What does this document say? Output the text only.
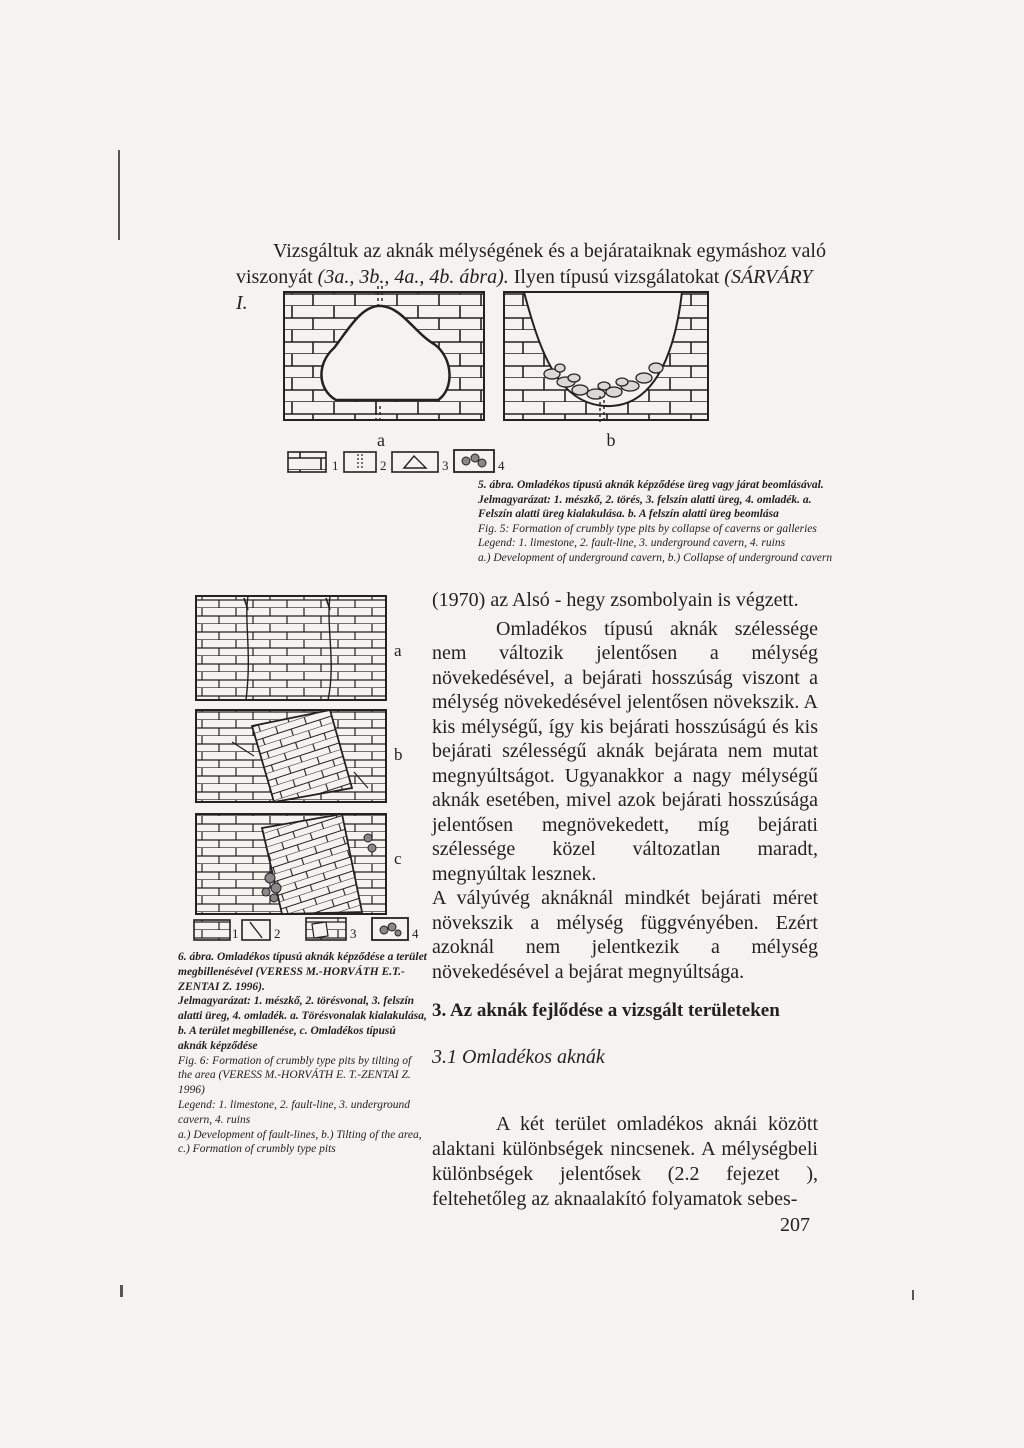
Vizsgáltuk az aknák mélységének és a bejárataiknak egymáshoz való
viszonyát (3a., 3b., 4a., 4b. ábra). Ilyen típusú vizsgálatokat (SÁRVÁRY I.
a	b
1	2	3	4
5. ábra. Omladékos típusú aknák képződése üreg vagy járat beomlásával.
Jelmagyarázat: 1. mészkő, 2. törés, 3. felszín alatti üreg, 4. omladék. a. Felszín alatti üreg kialakulása. b. A felszín alatti üreg beomlása
Fig. 5: Formation of crumbly type pits by collapse of caverns or galleries
Legend: 1. limestone, 2. fault-line, 3. underground cavern, 4. ruins
a.) Development of underground cavern, b.) Collapse of underground cavern
a
b
c
1	2	3	4
6. ábra. Omladékos típusú aknák képződése a terület megbillenésével (VERESS M.-HORVÁTH E.T.-ZENTAI Z. 1996).
Jelmagyarázat: 1. mészkő, 2. törésvonal, 3. felszín alatti üreg, 4. omladék. a. Törésvonalak kialakulása, b. A terület megbillenése, c. Omladékos típusú aknák képződése
Fig. 6: Formation of crumbly type pits by tilting of the area (VERESS M.-HORVÁTH E. T.-ZENTAI Z. 1996)
Legend: 1. limestone, 2. fault-line, 3. underground cavern, 4. ruins
a.) Development of fault-lines, b.) Tilting of the area, c.) Formation of crumbly type pits

(1970) az Alsó - hegy zsombolyain is végzett.

Omladékos típusú aknák szélessége nem változik jelentősen a mélység növekedésével, a bejárati hosszúság viszont a mélység növekedésével jelentősen növekszik. A kis mélységű, így kis bejárati hosszúságú és kis bejárati szélességű aknák bejárata nem mutat megnyúltságot. Ugyanakkor a nagy mélységű aknák esetében, mivel azok bejárati hosszúsága jelentősen megnövekedett, míg bejárati szélessége közel változatlan maradt, megnyúltak lesznek.

A vályúvég aknáknál mindkét bejárati méret növekszik a mélység függvényében. Ezért azoknál nem jelentkezik a mélység növekedésével a bejárat megnyúltsága.

3. Az aknák fejlődése a vizsgált területeken
3.1 Omladékos aknák

A két terület omladékos aknái között alaktani különbségek nincsenek. A mélységbeli különbségek jelentősek (2.2 fejezet ), feltehetőleg az aknaalakító folyamatok sebes-

207
